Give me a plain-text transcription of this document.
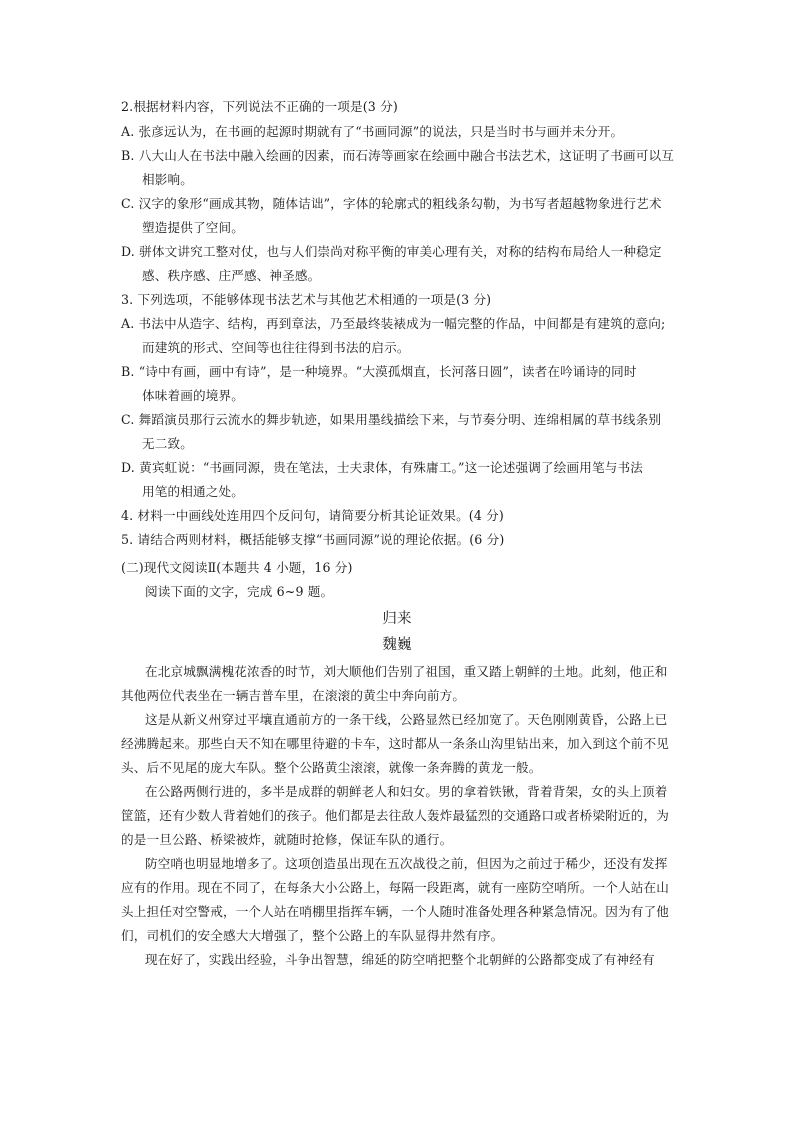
2.根据材料内容，下列说法不正确的一项是(3 分)
A. 张彦远认为，在书画的起源时期就有了“书画同源”的说法，只是当时书与画并未分开。
B. 八大山人在书法中融入绘画的因素，而石涛等画家在绘画中融合书法艺术，这证明了书画可以互
相影响。
C. 汉字的象形“画成其物，随体诘诎”，字体的轮廓式的粗线条勾勒，为书写者超越物象进行艺术
塑造提供了空间。
D. 骈体文讲究工整对仗，也与人们崇尚对称平衡的审美心理有关，对称的结构布局给人一种稳定
感、秩序感、庄严感、神圣感。
3. 下列选项，不能够体现书法艺术与其他艺术相通的一项是(3 分)
A. 书法中从造字、结构，再到章法，乃至最终装裱成为一幅完整的作品，中间都是有建筑的意向;
而建筑的形式、空间等也往往得到书法的启示。
B. “诗中有画，画中有诗”，是一种境界。“大漠孤烟直，长河落日圆”，读者在吟诵诗的同时
体味着画的境界。
C. 舞蹈演员那行云流水的舞步轨迹，如果用墨线描绘下来，与节奏分明、连绵相属的草书线条别
无二致。
D. 黄宾虹说：“书画同源，贵在笔法，士夫隶体，有殊庸工。”这一论述强调了绘画用笔与书法
用笔的相通之处。
4. 材料一中画线处连用四个反问句，请简要分析其论证效果。(4 分)
5. 请结合两则材料，概括能够支撑“书画同源”说的理论依据。(6 分)
(二)现代文阅读Ⅱ(本题共 4 小题，16 分)
阅读下面的文字，完成 6~9 题。
归来
魏巍
在北京城飘满槐花浓香的时节，刘大顺他们告别了祖国，重又踏上朝鲜的土地。此刻，他正和
其他两位代表坐在一辆吉普车里，在滚滚的黄尘中奔向前方。
这是从新义州穿过平壤直通前方的一条干线，公路显然已经加宽了。天色刚刚黄昏，公路上已
经沸腾起来。那些白天不知在哪里待避的卡车，这时都从一条条山沟里钻出来，加入到这个前不见
头、后不见尾的庞大车队。整个公路黄尘滚滚，就像一条奔腾的黄龙一般。
在公路两侧行进的，多半是成群的朝鲜老人和妇女。男的拿着铁锹，背着背架，女的头上顶着
筐篮，还有少数人背着她们的孩子。他们都是去往敌人轰炸最猛烈的交通路口或者桥梁附近的，为
的是一旦公路、桥梁被炸，就随时抢修，保证车队的通行。
防空哨也明显地增多了。这项创造虽出现在五次战役之前，但因为之前过于稀少，还没有发挥
应有的作用。现在不同了，在每条大小公路上，每隔一段距离，就有一座防空哨所。一个人站在山
头上担任对空警戒，一个人站在哨棚里指挥车辆，一个人随时准备处理各种紧急情况。因为有了他
们，司机们的安全感大大增强了，整个公路上的车队显得井然有序。
现在好了，实践出经验，斗争出智慧，绵延的防空哨把整个北朝鲜的公路都变成了有神经有
